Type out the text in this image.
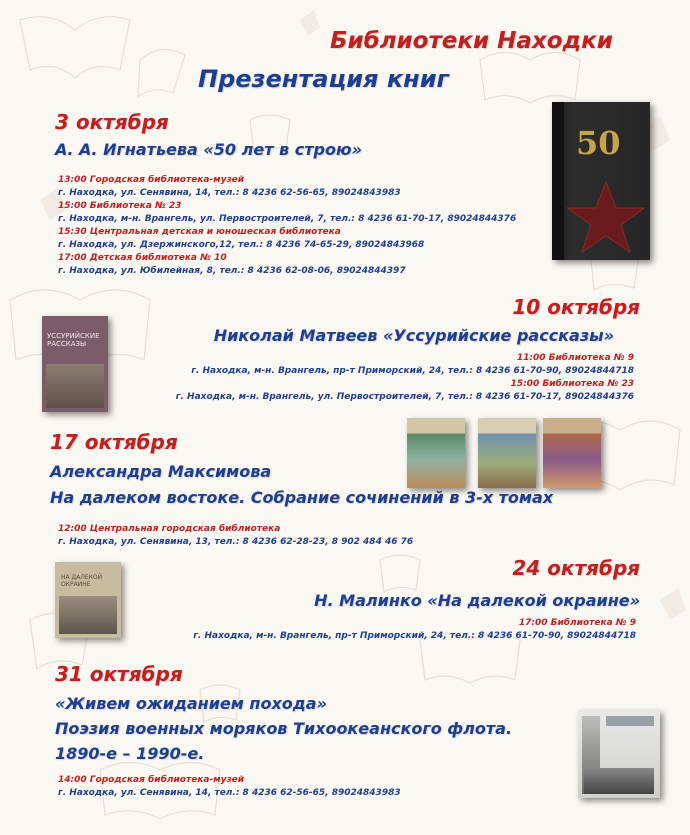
Библиотеки Находки
Презентация книг
3 октября
А. А. Игнатьева «50 лет в строю»
13:00 Городская библиотека-музей
г. Находка, ул. Сенявина, 14, тел.: 8 4236 62-56-65, 89024843983
15:00 Библиотека № 23
г. Находка, м-н. Врангель, ул. Первостроителей, 7, тел.: 8 4236 61-70-17, 89024844376
15:30 Центральная детская и юношеская библиотека
г. Находка, ул. Дзержинского,12, тел.: 8 4236 74-65-29, 89024843968
17:00 Детская библиотека № 10
г. Находка, ул. Юбилейная, 8, тел.: 8 4236 62-08-06, 89024844397
50
10 октября
Николай Матвеев «Уссурийские рассказы»
11:00 Библиотека № 9
г. Находка, м-н. Врангель, пр-т Приморский, 24, тел.: 8 4236 61-70-90, 89024844718
15:00 Библиотека № 23
г. Находка, м-н. Врангель, ул. Первостроителей, 7, тел.: 8 4236 61-70-17, 89024844376
УССУРИЙСКИЕ РАССКАЗЫ
17 октября
Александра Максимова
На далеком востоке. Собрание сочинений в 3-х томах
12:00 Центральная городская библиотека
г. Находка, ул. Сенявина, 13, тел.: 8 4236 62-28-23, 8 902 484 46 76
24 октября
Н. Малинко «На далекой окраине»
17:00 Библиотека № 9
г. Находка, м-н. Врангель, пр-т Приморский, 24, тел.: 8 4236 61-70-90, 89024844718
НА ДАЛЕКОЙ ОКРАИНЕ
31 октября
«Живем ожиданием похода»
Поэзия военных моряков Тихоокеанского флота.
1890-е – 1990-е.
14:00 Городская библиотека-музей
г. Находка, ул. Сенявина, 14, тел.: 8 4236 62-56-65, 89024843983
